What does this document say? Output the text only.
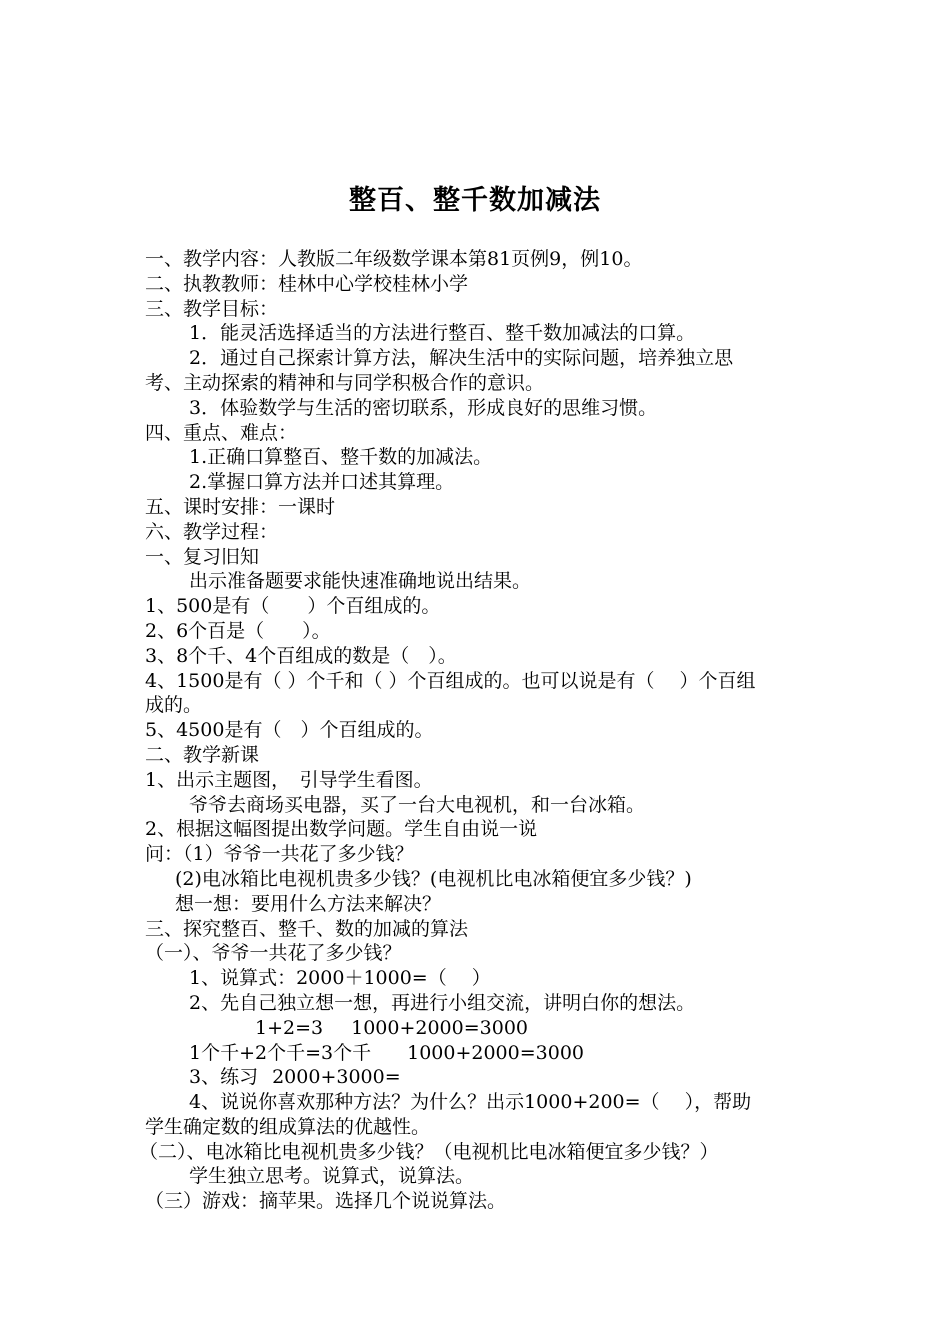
整百、整千数加减法
一、教学内容：人教版二年级数学课本第81页例9，例10。
二、执教教师：桂林中心学校桂林小学
三、教学目标：
1．能灵活选择适当的方法进行整百、整千数加减法的口算。
2．通过自己探索计算方法，解决生活中的实际问题，培养独立思
考、主动探索的精神和与同学积极合作的意识。
3．体验数学与生活的密切联系，形成良好的思维习惯。
四、重点、难点：
1.正确口算整百、整千数的加减法。
2.掌握口算方法并口述其算理。
五、课时安排：一课时
六、教学过程：
一、复习旧知
出示准备题要求能快速准确地说出结果。
1、500是有（　　）个百组成的。
2、6个百是（　　）。
3、8个千、4个百组成的数是（　）。
4、1500是有（ ）个千和（ ）个百组成的。也可以说是有（　 ）个百组
成的。
5、4500是有（　）个百组成的。
二、教学新课
1、出示主题图，　引导学生看图。
爷爷去商场买电器，买了一台大电视机，和一台冰箱。
2、根据这幅图提出数学问题。学生自由说一说
问：（1）爷爷一共花了多少钱？
(2)电冰箱比电视机贵多少钱？(电视机比电冰箱便宜多少钱？)
想一想：要用什么方法来解决？
三、探究整百、整千、数的加减的算法
（一）、爷爷一共花了多少钱？
1、说算式：2000＋1000=（　 ）
2、先自己独立想一想，再进行小组交流，讲明白你的想法。
1+2=3 1000+2000=3000
1个千+2个千=3个千 1000+2000=3000
3、练习 2000+3000=
4、说说你喜欢那种方法？为什么？出示1000+200=（　 ），帮助
学生确定数的组成算法的优越性。
（二）、电冰箱比电视机贵多少钱？（电视机比电冰箱便宜多少钱？）
学生独立思考。说算式，说算法。
（三）游戏：摘苹果。选择几个说说算法。
